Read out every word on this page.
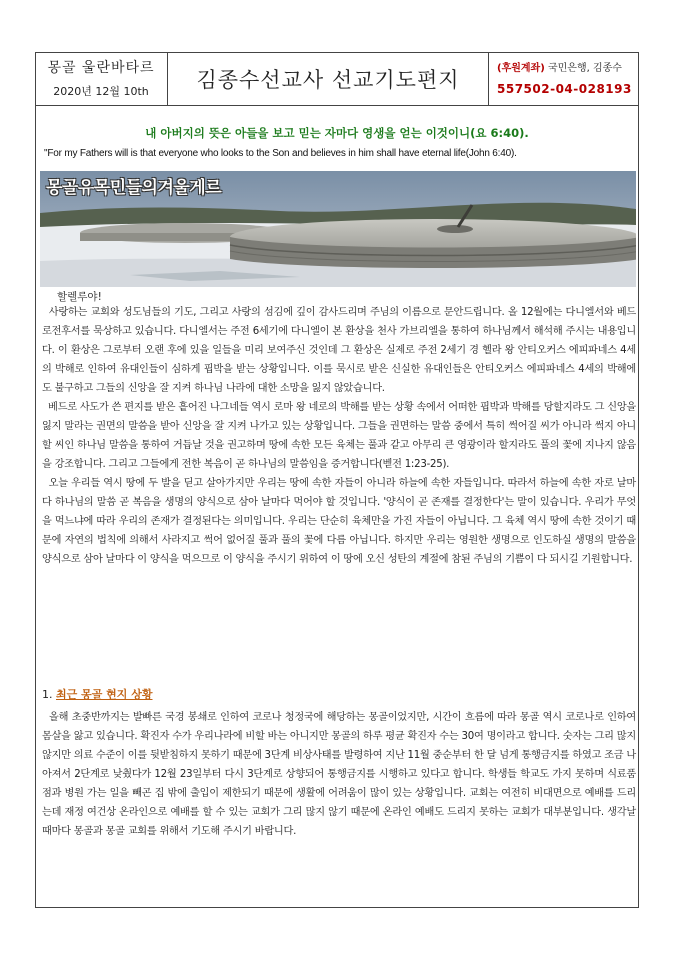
몽골 울란바타르
2020년 12월 10th 김종수선교사 선교기도편지	(후원계좌) 국민은행, 김종수
557502-04-028193
내 아버지의 뜻은 아들을 보고 믿는 자마다 영생을 얻는 이것이니(요 6:40).
"For my Fathers will is that everyone who looks to the Son and believes in him shall have eternal life(John 6:40).
몽골유목민들의겨울게르
할렐루야!

사랑하는 교회와 성도님들의 기도, 그리고 사랑의 섬김에 깊이 감사드리며 주님의 이름으로 문안드립니다. 올 12월에는 다니엘서와 베드로전후서를 묵상하고 있습니다. 다니엘서는 주전 6세기에 다니엘이 본 환상을 천사 가브리엘을 통하여 하나님께서 해석해 주시는 내용입니다. 이 환상은 그로부터 오랜 후에 있을 일들을 미리 보여주신 것인데 그 환상은 실제로 주전 2세기 경 헬라 왕 안티오커스 에피파네스 4세의 박해로 인하여 유대인들이 심하게 핍박을 받는 상황입니다. 이를 묵시로 받은 신실한 유대인들은 안티오커스 에피파네스 4세의 박해에도 불구하고 그들의 신앙을 잘 지켜 하나님 나라에 대한 소망을 잃지 않았습니다.

베드로 사도가 쓴 편지를 받은 흩어진 나그네들 역시 로마 왕 네로의 박해를 받는 상황 속에서 어떠한 핍박과 박해를 당할지라도 그 신앙을 잃지 말라는 권면의 말씀을 받아 신앙을 잘 지켜 나가고 있는 상황입니다. 그들을 권면하는 말씀 중에서 특히 썩어질 씨가 아니라 썩지 아니할 씨인 하나님 말씀을 통하여 거듭날 것을 권고하며 땅에 속한 모든 육체는 풀과 같고 아무리 큰 영광이라 할지라도 풀의 꽃에 지나지 않음을 강조합니다. 그리고 그들에게 전한 복음이 곧 하나님의 말씀임을 증거합니다(벧전 1:23-25).

오늘 우리들 역시 땅에 두 발을 딛고 살아가지만 우리는 땅에 속한 자들이 아니라 하늘에 속한 자들입니다. 따라서 하늘에 속한 자로 날마다 하나님의 말씀 곧 복음을 생명의 양식으로 삼아 날마다 먹어야 할 것입니다. '양식이 곧 존재를 결정한다'는 말이 있습니다. 우리가 무엇을 먹느냐에 따라 우리의 존재가 결정된다는 의미입니다. 우리는 단순히 육체만을 가진 자들이 아닙니다. 그 육체 역시 땅에 속한 것이기 때문에 자연의 법칙에 의해서 사라지고 썩어 없어질 풀과 풀의 꽃에 다름 아닙니다. 하지만 우리는 영원한 생명으로 인도하실 생명의 말씀을 양식으로 삼아 날마다 이 양식을 먹으므로 이 양식을 주시기 위하여 이 땅에 오신 성탄의 계절에 참된 주님의 기쁨이 다 되시길 기원합니다.

1. 최근 몽골 현지 상황

올해 초중반까지는 발빠른 국경 봉쇄로 인하여 코로나 청정국에 해당하는 몽골이었지만, 시간이 흐름에 따라 몽골 역시 코로나로 인하여 몸살을 앓고 있습니다. 확진자 수가 우리나라에 비할 바는 아니지만 몽골의 하루 평균 확진자 수는 30여 명이라고 합니다. 숫자는 그리 많지 않지만 의료 수준이 이를 뒷받침하지 못하기 때문에 3단계 비상사태를 발령하여 지난 11월 중순부터 한 달 넘게 통행금지를 하였고 조금 나아져서 2단계로 낮췄다가 12월 23일부터 다시 3단계로 상향되어 통행금지를 시행하고 있다고 합니다. 학생들 학교도 가지 못하며 식료품점과 병원 가는 일을 빼곤 집 밖에 출입이 제한되기 때문에 생활에 어려움이 많이 있는 상황입니다. 교회는 여전히 비대면으로 예배를 드리는데 재정 여건상 온라인으로 예배를 할 수 있는 교회가 그리 많지 않기 때문에 온라인 예배도 드리지 못하는 교회가 대부분입니다. 생각날 때마다 몽골과 몽골 교회를 위해서 기도해 주시기 바랍니다.
